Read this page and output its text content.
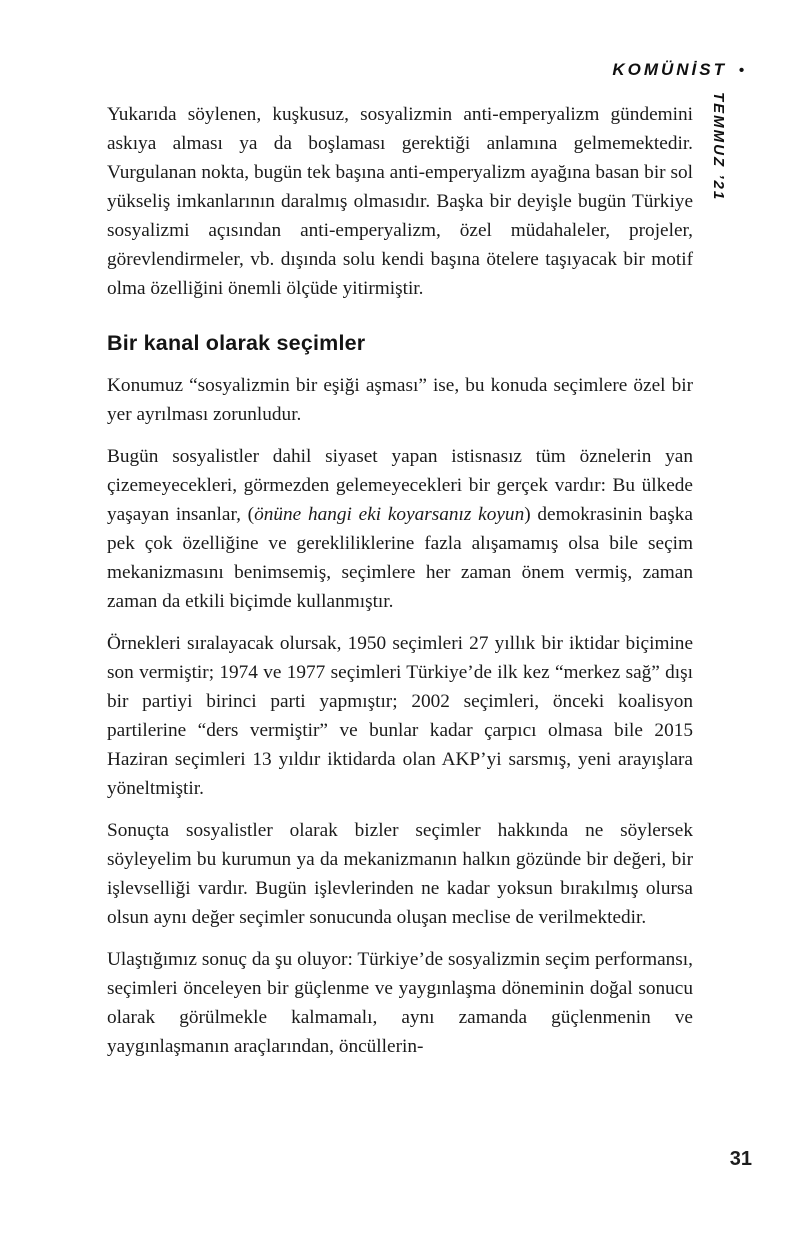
KOMÜNİST •
TEMMUZ ’21

Yukarıda söylenen, kuşkusuz, sosyalizmin anti-emperyalizm gündemini askıya alması ya da boşlaması gerektiği anlamına gelmemektedir. Vurgulanan nokta, bugün tek başına anti-emperyalizm ayağına basan bir sol yükseliş imkanlarının daralmış olmasıdır. Başka bir deyişle bugün Türkiye sosyalizmi açısından anti-emperyalizm, özel müdahaleler, projeler, görevlendirmeler, vb. dışında solu kendi başına ötelere taşıyacak bir motif olma özelliğini önemli ölçüde yitirmiştir.

Bir kanal olarak seçimler

Konumuz “sosyalizmin bir eşiği aşması” ise, bu konuda seçimlere özel bir yer ayrılması zorunludur.

Bugün sosyalistler dahil siyaset yapan istisnasız tüm öznelerin yan çizemeyecekleri, görmezden gelemeyecekleri bir gerçek vardır: Bu ülkede yaşayan insanlar, (önüne hangi eki koyarsanız koyun) demokrasinin başka pek çok özelliğine ve gerekliliklerine fazla alışamamış olsa bile seçim mekanizmasını benimsemiş, seçimlere her zaman önem vermiş, zaman zaman da etkili biçimde kullanmıştır.

Örnekleri sıralayacak olursak, 1950 seçimleri 27 yıllık bir iktidar biçimine son vermiştir; 1974 ve 1977 seçimleri Türkiye’de ilk kez “merkez sağ” dışı bir partiyi birinci parti yapmıştır; 2002 seçimleri, önceki koalisyon partilerine “ders vermiştir” ve bunlar kadar çarpıcı olmasa bile 2015 Haziran seçimleri 13 yıldır iktidarda olan AKP’yi sarsmış, yeni arayışlara yöneltmiştir.

Sonuçta sosyalistler olarak bizler seçimler hakkında ne söylersek söyleyelim bu kurumun ya da mekanizmanın halkın gözünde bir değeri, bir işlevselliği vardır. Bugün işlevlerinden ne kadar yoksun bırakılmış olursa olsun aynı değer seçimler sonucunda oluşan meclise de verilmektedir.

Ulaştığımız sonuç da şu oluyor: Türkiye’de sosyalizmin seçim performansı, seçimleri önceleyen bir güçlenme ve yaygınlaşma döneminin doğal sonucu olarak görülmekle kalmamalı, aynı zamanda güçlenmenin ve yaygınlaşmanın araçlarından, öncüllerin-

31
